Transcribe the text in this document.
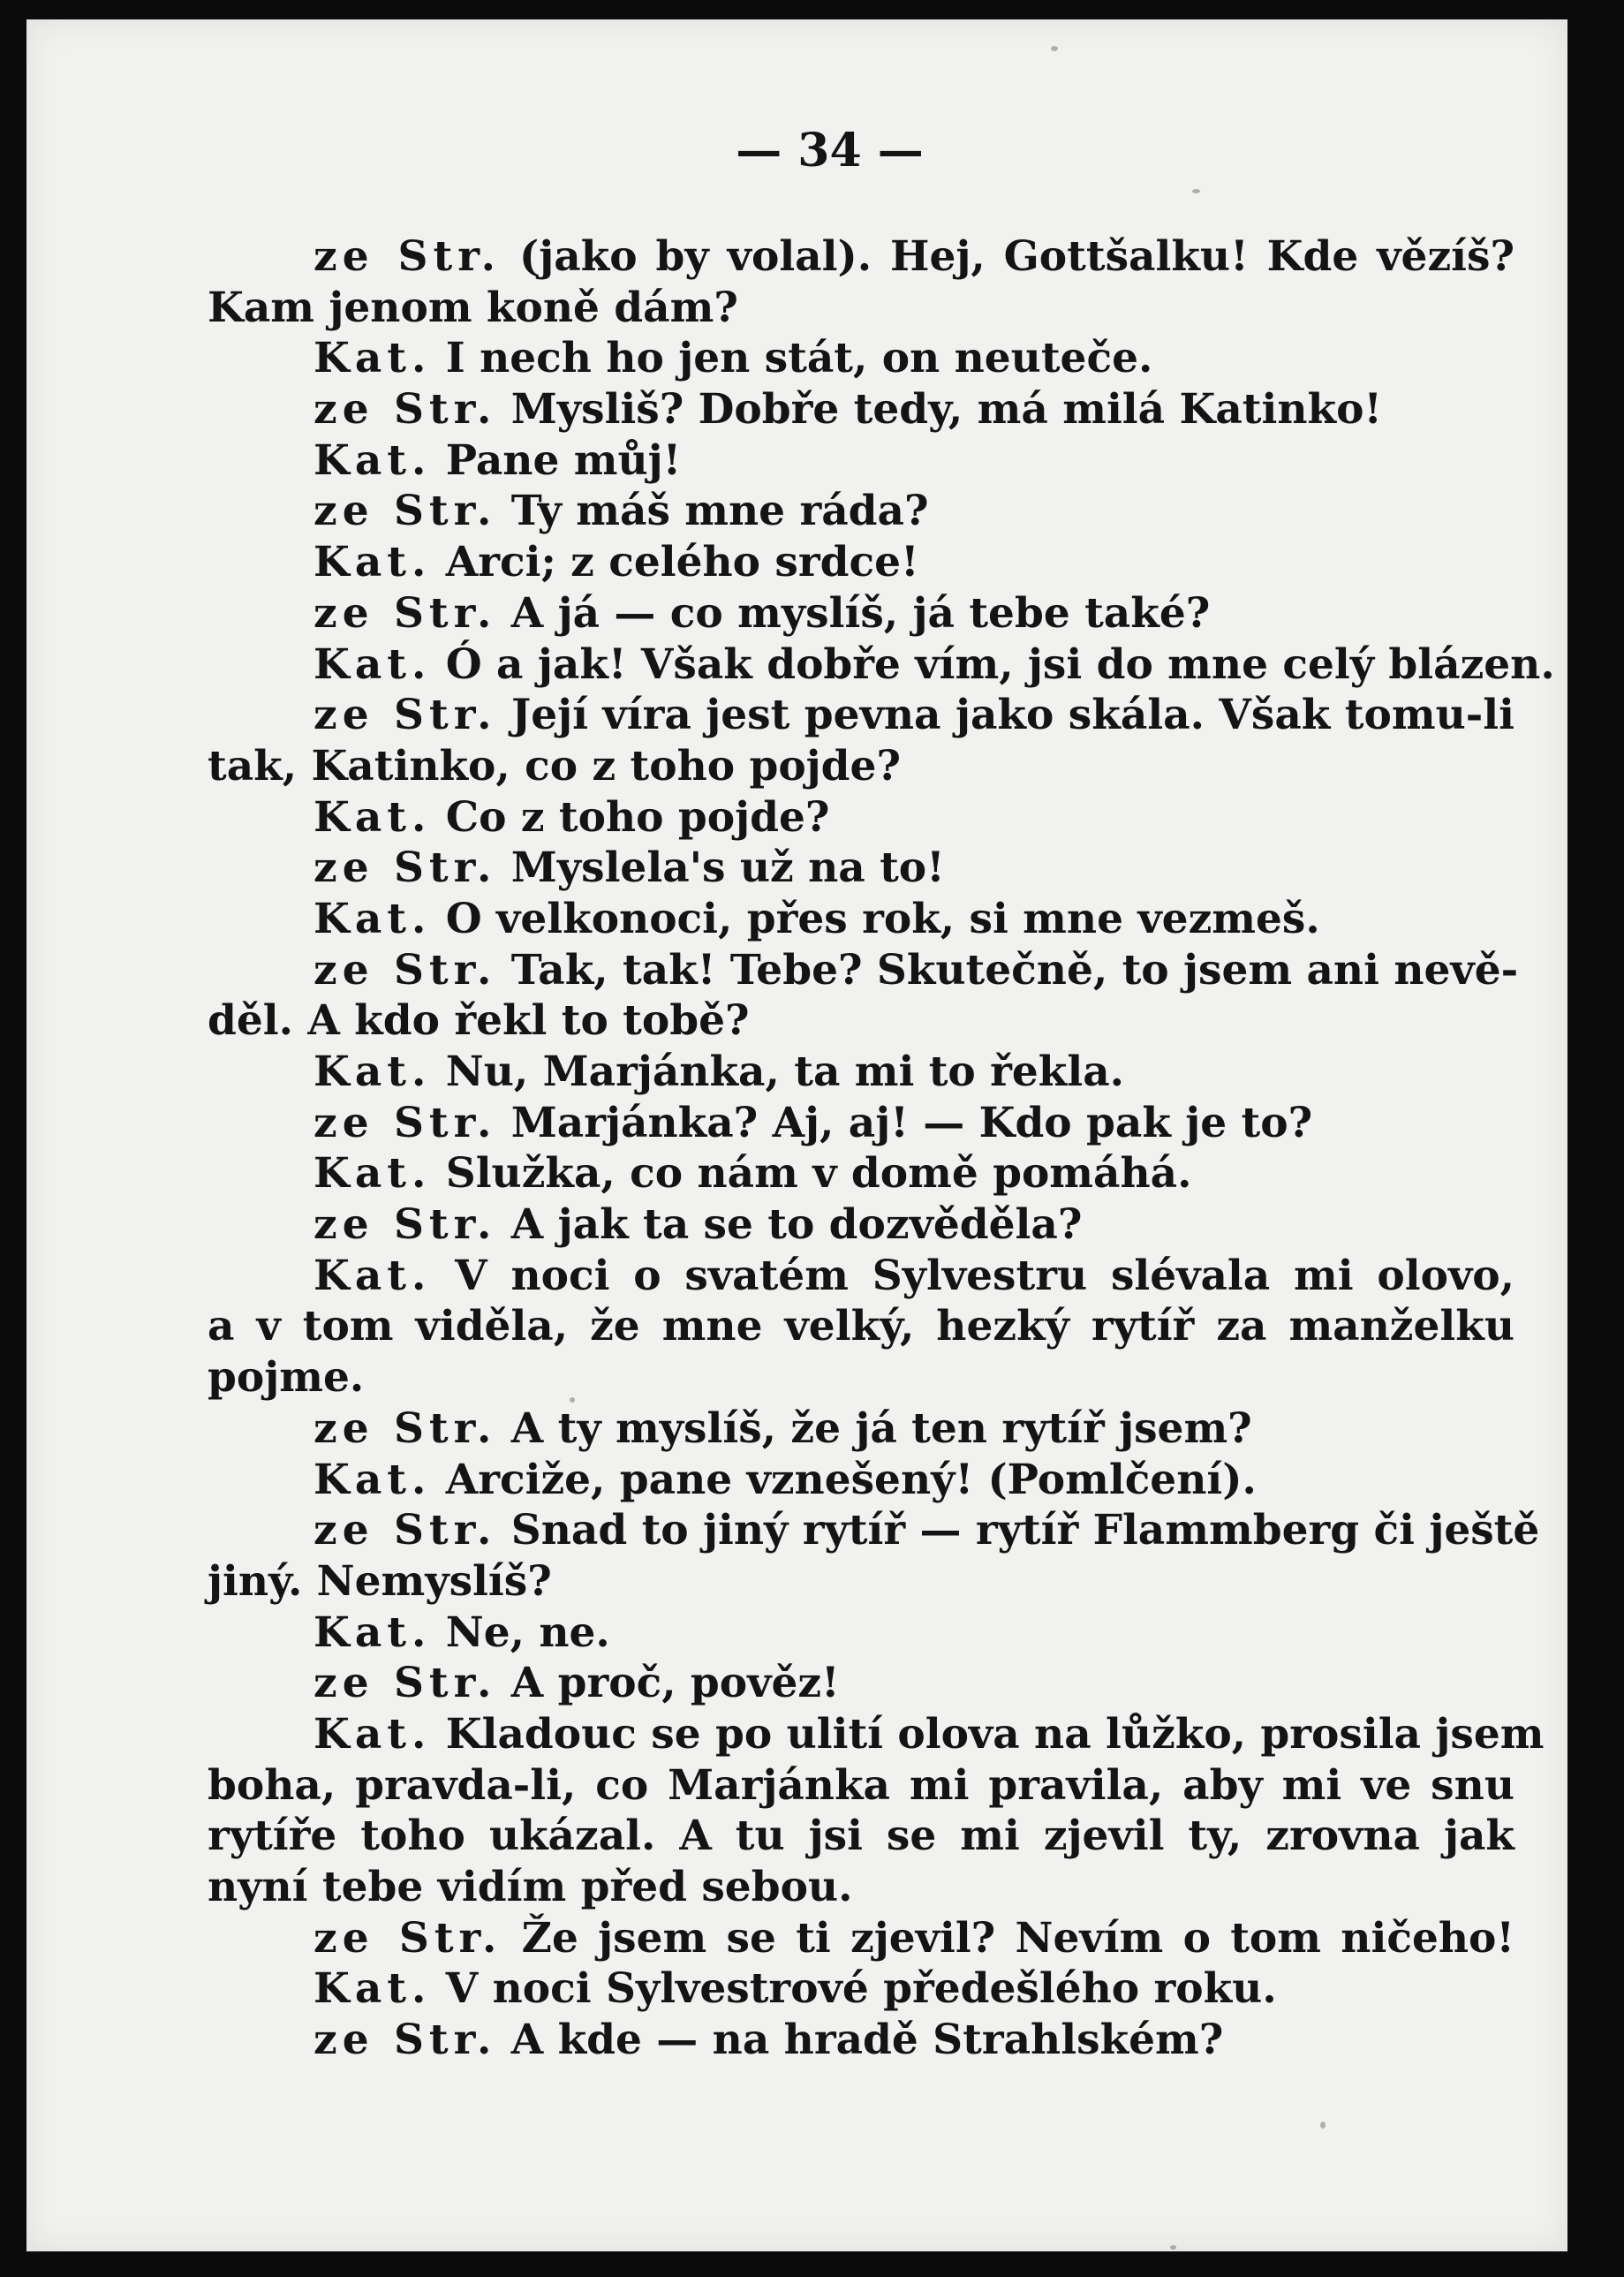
— 34 —
ze Str. (jako by volal). Hej, Gottšalku! Kde vězíš?
Kam jenom koně dám?
Kat. I nech ho jen stát, on neuteče.
ze Str. Mysliš? Dobře tedy, má milá Katinko!
Kat. Pane můj!
ze Str. Ty máš mne ráda?
Kat. Arci; z celého srdce!
ze Str. A já — co myslíš, já tebe také?
Kat. Ó a jak! Však dobře vím, jsi do mne celý blázen.
ze Str. Její víra jest pevna jako skála. Však tomu-li
tak, Katinko, co z toho pojde?
Kat. Co z toho pojde?
ze Str. Myslela's už na to!
Kat. O velkonoci, přes rok, si mne vezmeš.
ze Str. Tak, tak! Tebe? Skutečně, to jsem ani nevě-
děl. A kdo řekl to tobě?
Kat. Nu, Marjánka, ta mi to řekla.
ze Str. Marjánka? Aj, aj! — Kdo pak je to?
Kat. Služka, co nám v domě pomáhá.
ze Str. A jak ta se to dozvěděla?
Kat. V noci o svatém Sylvestru slévala mi olovo,
a v tom viděla, že mne velký, hezký rytíř za manželku
pojme.
ze Str. A ty myslíš, že já ten rytíř jsem?
Kat. Arciže, pane vznešený! (Pomlčení).
ze Str. Snad to jiný rytíř — rytíř Flammberg či ještě
jiný. Nemyslíš?
Kat. Ne, ne.
ze Str. A proč, pověz!
Kat. Kladouc se po ulití olova na lůžko, prosila jsem
boha, pravda-li, co Marjánka mi pravila, aby mi ve snu
rytíře toho ukázal. A tu jsi se mi zjevil ty, zrovna jak
nyní tebe vidím před sebou.
ze Str. Že jsem se ti zjevil? Nevím o tom ničeho!
Kat. V noci Sylvestrové předešlého roku.
ze Str. A kde — na hradě Strahlském?
